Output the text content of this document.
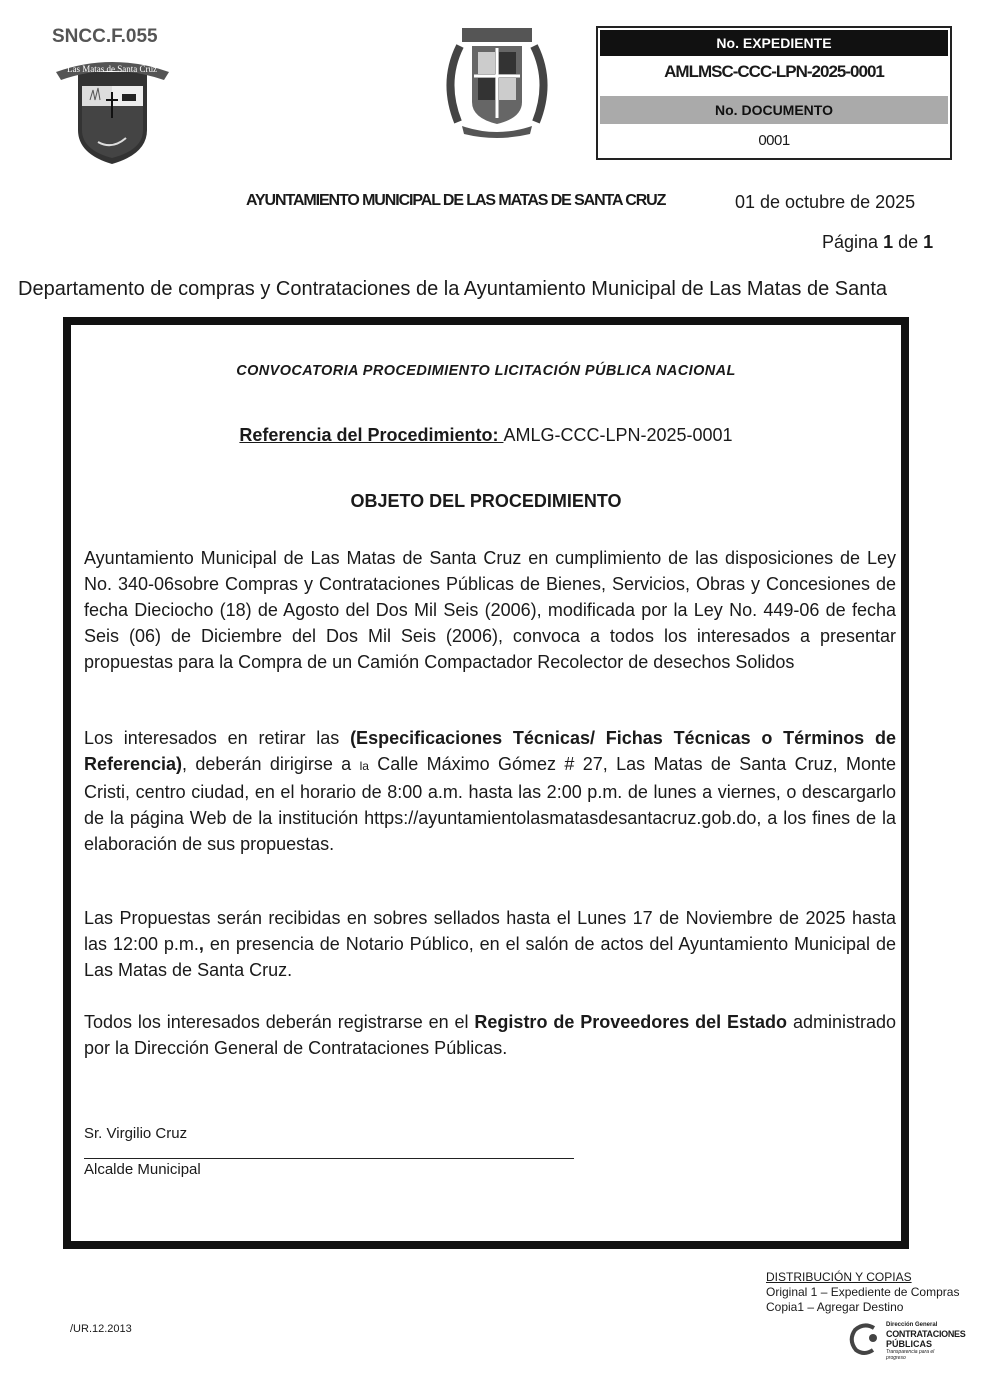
SNCC.F.055
Las Matas de Santa Cruz
No. EXPEDIENTE
AMLMSC-CCC-LPN-2025-0001
No. DOCUMENTO
0001
AYUNTAMIENTO MUNICIPAL DE LAS MATAS DE SANTA CRUZ	01 de octubre de 2025
Página 1 de 1
Departamento de compras y Contrataciones de la Ayuntamiento Municipal de Las Matas de Santa
CONVOCATORIA PROCEDIMIENTO LICITACIÓN PÚBLICA NACIONAL
Referencia del Procedimiento: AMLG-CCC-LPN-2025-0001
OBJETO DEL PROCEDIMIENTO
Ayuntamiento Municipal de Las Matas de Santa Cruz en cumplimiento de las disposiciones de Ley No. 340-06sobre Compras y Contrataciones Públicas de Bienes, Servicios, Obras y Concesiones de fecha Dieciocho (18) de Agosto del Dos Mil Seis (2006), modificada por la Ley No. 449-06 de fecha Seis (06) de Diciembre del Dos Mil Seis (2006), convoca a todos los interesados a presentar propuestas para la Compra de un Camión Compactador Recolector de desechos Solidos
Los interesados en retirar las (Especificaciones Técnicas/ Fichas Técnicas o Términos de Referencia), deberán dirigirse a la Calle Máximo Gómez # 27, Las Matas de Santa Cruz, Monte Cristi, centro ciudad, en el horario de 8:00 a.m. hasta las 2:00 p.m. de lunes a viernes, o descargarlo de la página Web de la institución https://ayuntamientolasmatasdesantacruz.gob.do, a los fines de la elaboración de sus propuestas.
Las Propuestas serán recibidas en sobres sellados hasta el Lunes 17 de Noviembre de 2025 hasta las 12:00 p.m., en presencia de Notario Público, en el salón de actos del Ayuntamiento Municipal de Las Matas de Santa Cruz.
Todos los interesados deberán registrarse en el Registro de Proveedores del Estado administrado por la Dirección General de Contrataciones Públicas.
Sr. Virgilio Cruz
Alcalde Municipal
DISTRIBUCIÓN Y COPIAS
Original 1 – Expediente de Compras
Copia1 – Agregar Destino
/UR.12.2013	Dirección General
CONTRATACIONES
PÚBLICAS
Transparencia para el progreso
